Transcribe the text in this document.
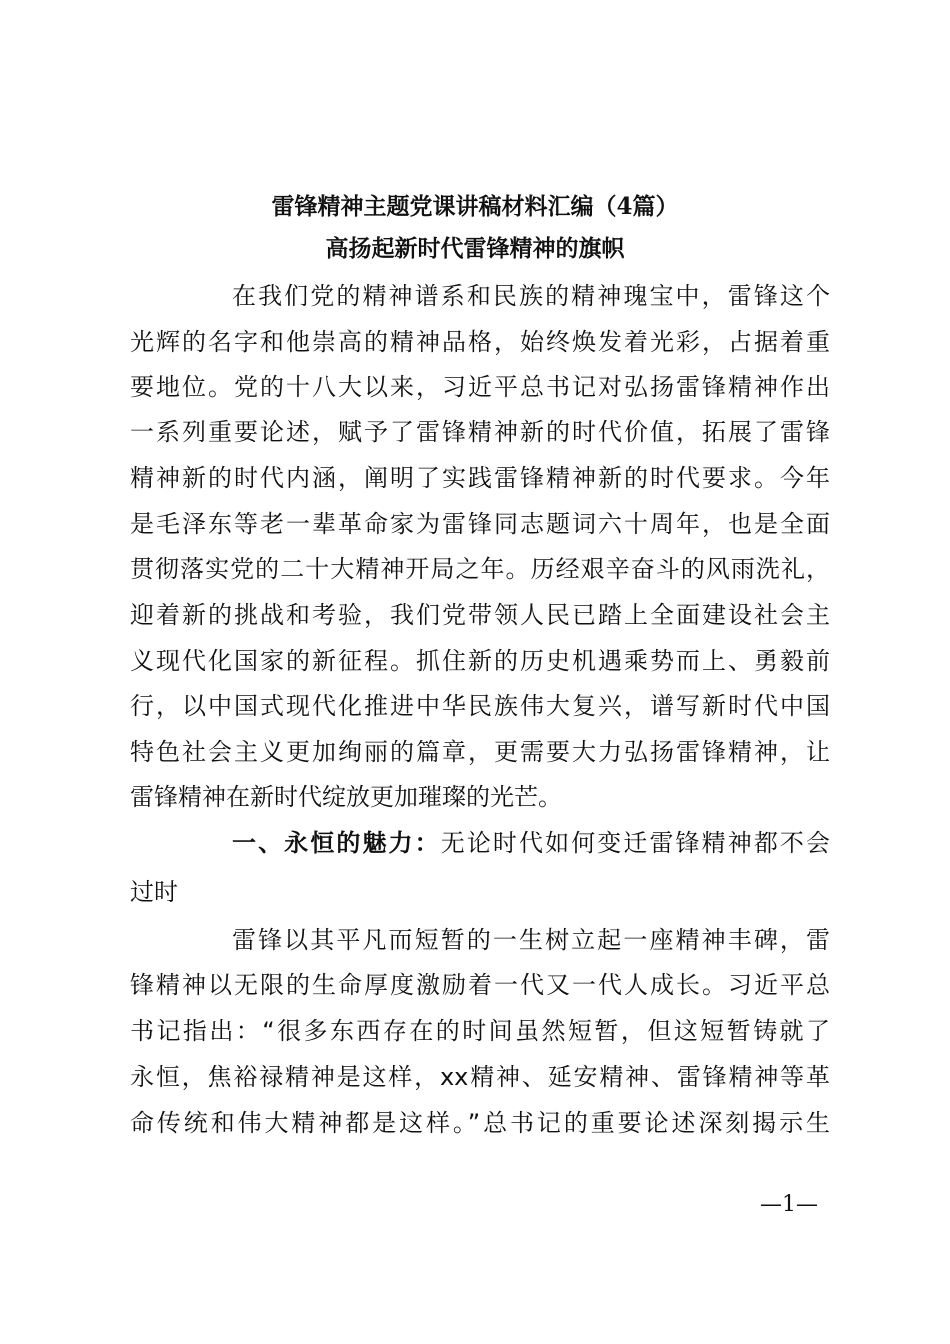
雷锋精神主题党课讲稿材料汇编（4篇）
高扬起新时代雷锋精神的旗帜
在我们党的精神谱系和民族的精神瑰宝中，雷锋这个
光辉的名字和他崇高的精神品格，始终焕发着光彩，占据着重
要地位。党的十八大以来，习近平总书记对弘扬雷锋精神作出
一系列重要论述，赋予了雷锋精神新的时代价值，拓展了雷锋
精神新的时代内涵，阐明了实践雷锋精神新的时代要求。今年
是毛泽东等老一辈革命家为雷锋同志题词六十周年，也是全面
贯彻落实党的二十大精神开局之年。历经艰辛奋斗的风雨洗礼，
迎着新的挑战和考验，我们党带领人民已踏上全面建设社会主
义现代化国家的新征程。抓住新的历史机遇乘势而上、勇毅前
行，以中国式现代化推进中华民族伟大复兴，谱写新时代中国
特色社会主义更加绚丽的篇章，更需要大力弘扬雷锋精神，让
雷锋精神在新时代绽放更加璀璨的光芒。
一、永恒的魅力：无论时代如何变迁雷锋精神都不会
过时
雷锋以其平凡而短暂的一生树立起一座精神丰碑，雷
锋精神以无限的生命厚度激励着一代又一代人成长。习近平总
书记指出：“很多东西存在的时间虽然短暂，但这短暂铸就了
永恒，焦裕禄精神是这样，xx精神、延安精神、雷锋精神等革
命传统和伟大精神都是这样。”总书记的重要论述深刻揭示生
—1—
